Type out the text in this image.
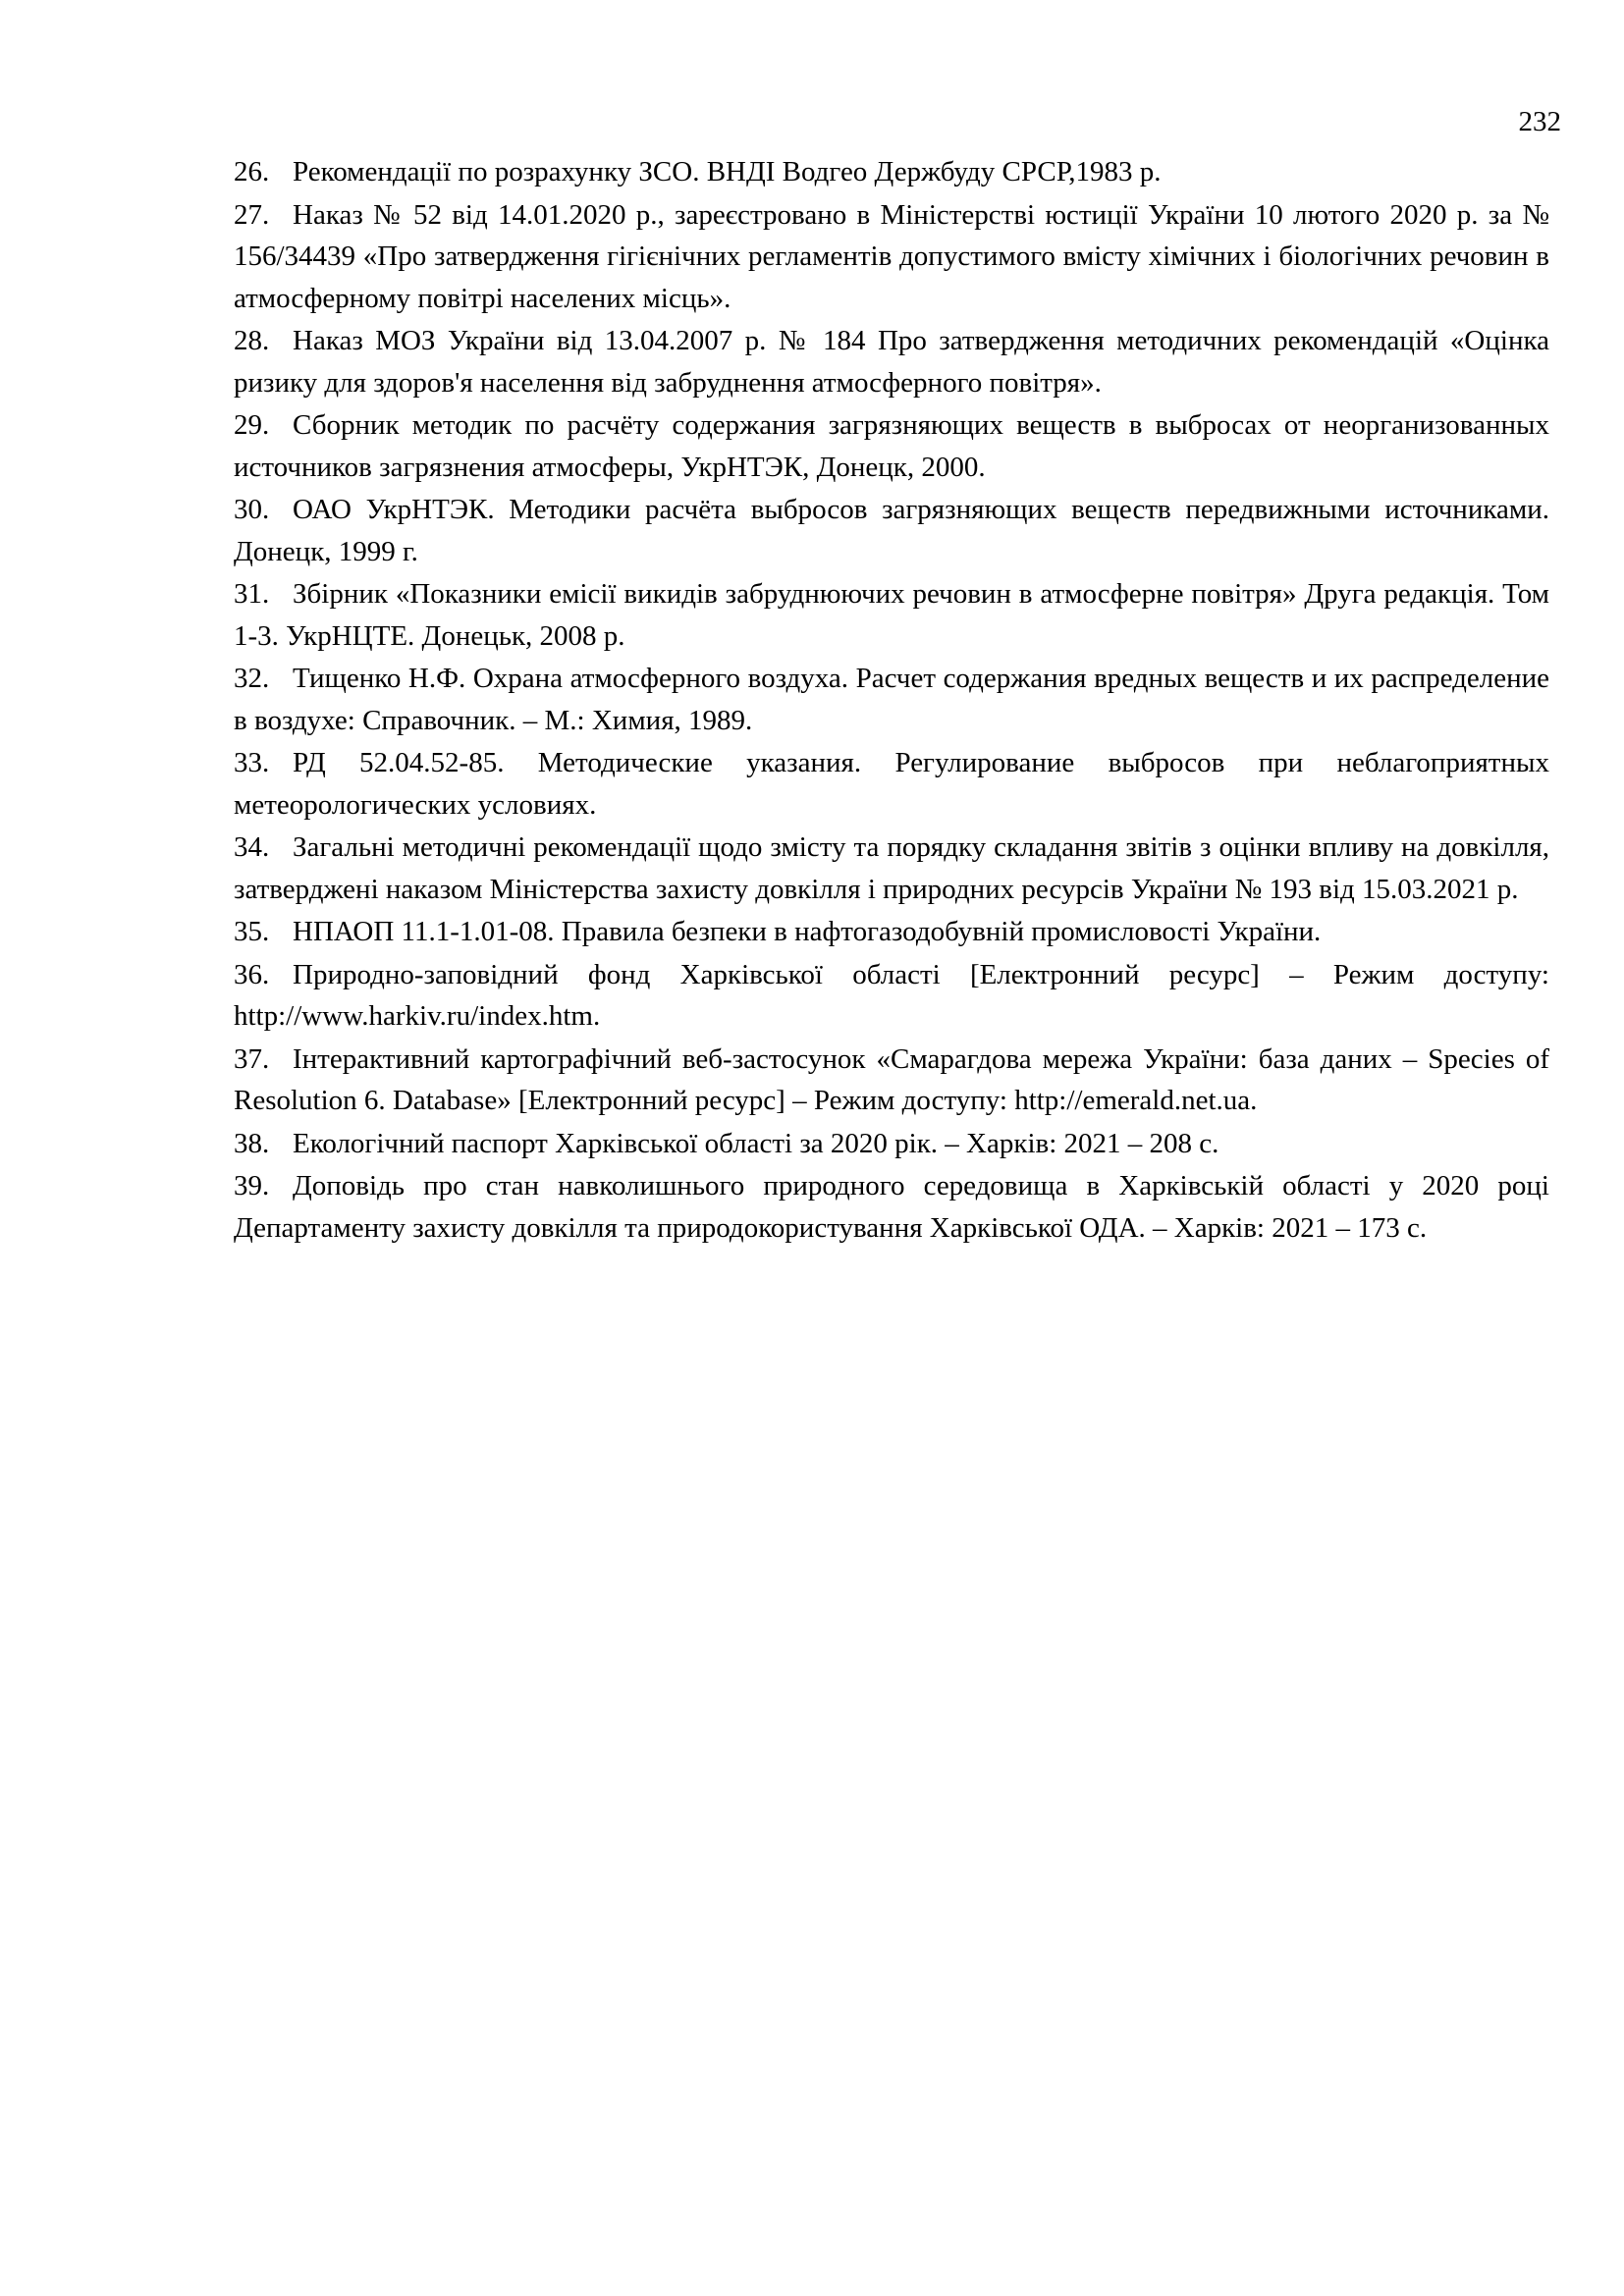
232
26. Рекомендації по розрахунку ЗСО. ВНДІ Водгео Держбуду СРСР,1983 р.
27. Наказ № 52 від 14.01.2020 р., зареєстровано в Міністерстві юстиції України 10 лютого 2020 р. за № 156/34439 «Про затвердження гігієнічних регламентів допустимого вмісту хімічних і біологічних речовин в атмосферному повітрі населених місць».
28. Наказ МОЗ України від 13.04.2007 р. № 184 Про затвердження методичних рекомендацій «Оцінка ризику для здоров'я населення від забруднення атмосферного повітря».
29. Сборник методик по расчёту содержания загрязняющих веществ в выбросах от неорганизованных источников загрязнения атмосферы, УкрНТЭК, Донецк, 2000.
30. ОАО УкрНТЭК. Методики расчёта выбросов загрязняющих веществ передвижными источниками. Донецк, 1999 г.
31. Збірник «Показники емісії викидів забруднюючих речовин в атмосферне повітря» Друга редакція. Том 1-3. УкрНЦТЕ. Донецьк, 2008 р.
32. Тищенко Н.Ф. Охрана атмосферного воздуха. Расчет содержания вредных веществ и их распределение в воздухе: Справочник. – М.: Химия, 1989.
33. РД 52.04.52-85. Методические указания. Регулирование выбросов при неблагоприятных метеорологических условиях.
34. Загальні методичні рекомендації щодо змісту та порядку складання звітів з оцінки впливу на довкілля, затверджені наказом Міністерства захисту довкілля і природних ресурсів України № 193 від 15.03.2021 р.
35. НПАОП 11.1-1.01-08. Правила безпеки в нафтогазодобувній промисловості України.
36. Природно-заповідний фонд Харківської області [Електронний ресурс] – Режим доступу: http://www.harkiv.ru/index.htm.
37. Інтерактивний картографічний веб-застосунок «Смарагдова мережа України: база даних – Species of Resolution 6. Database» [Електронний ресурс] – Режим доступу: http://emerald.net.ua.
38. Екологічний паспорт Харківської області за 2020 рік. – Харків: 2021 – 208 с.
39. Доповідь про стан навколишнього природного середовища в Харківській області у 2020 році Департаменту захисту довкілля та природокористування Харківської ОДА. – Харків: 2021 – 173 с.
